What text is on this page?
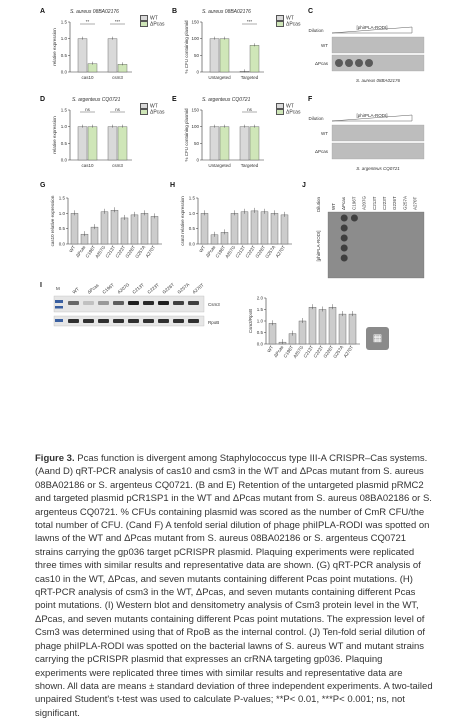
A	S. aureus 08BA02176
1.5
1.0
0.5
0.0
relative expression
cas10	csm3
**	***
WT
ΔPcas
B	S. aureus 08BA02176
150
100
50
0
% CFU containing plasmid
Untargeted Targeted
***
WT
ΔPcas
C
Dilution
[phiIPLA-RODI]
WT
ΔPcas
S. aureus 08BA02176
D	S. argenteus CQ0721
1.5
1.0
0.5
0.0
relative expression
cas10	csm3
ns	ns
WT
ΔPcas
E	S. argenteus CQ0721
150
100
50
0
% CFU containing plasmid
Untargeted Targeted
ns
WT
ΔPcas
F
Dilution
[phiIPLA-RODI]
WT
ΔPcas
S. argenteus CQ0721
G
1.5
1.0
0.5
0.0
cas10 relative expression
WT
ΔPcas
C196T
A207G
C213T
C223T
G226T
G257A
A270T
H
1.5
1.0
0.5
0.0
csm3 relative expression
WT
ΔPcas
C196T
A207G
C213T
C223T
G226T
G257A
A270T
J
Dilution
[phiIPLA-RODI]
WT ΔPcas C196T A207G C213T C223T G226T G257A A270T
I	M	WT ΔPcas C196T A207G C213T C223T G226T G257A A270T
Csm3
RpoB
2.0
1.5
1.0
0.5
0.0
Csm3/RpoB
WT
ΔPcas
C196T
A207G
C213T
C223T
G226T
G257A
A270T
▦
Figure 3. Pcas function is divergent among Staphylococcus type III-A CRISPR–Cas systems. (Aand D) qRT-PCR analysis of cas10 and csm3 in the WT and ΔPcas mutant from S. aureus 08BA02186 or S. argenteus CQ0721. (B and E) Retention of the untargeted plasmid pRMC2 and targeted plasmid pCR1SP1 in the WT and ΔPcas mutant from S. aureus 08BA02186 or S. argenteus CQ0721. % CFUs containing plasmid was scored as the number of CmR CFU/the total number of CFU. (Cand F) A tenfold serial dilution of phage phiIPLA-RODI was spotted on lawns of the WT and ΔPcas mutant from S. aureus 08BA02186 or S. argenteus CQ0721 strains carrying the gp036 target pCRISPR plasmid. Plaquing experiments were replicated three times with similar results and representative data are shown. (G) qRT-PCR analysis of cas10 in the WT, ΔPcas, and seven mutants containing different Pcas point mutations. (H) qRT-PCR analysis of csm3 in the WT, ΔPcas, and seven mutants containing different Pcas point mutations. (I) Western blot and densitometry analysis of Csm3 protein level in the WT, ΔPcas, and seven mutants containing different Pcas point mutations. The expression level of Csm3 was determined using that of RpoB as the internal control. (J) Ten-fold serial dilution of phage phiIPLA-RODI was spotted on the bacterial lawns of S. aureus WT and mutant strains carrying the pCRISPR plasmid that expresses an crRNA targeting gp036. Plaquing experiments were replicated three times with similar results and representative data are shown. All data are means ± standard deviation of three independent experiments. A two-tailed unpaired Student's t-test was used to calculate P-values; **P< 0.01, ***P< 0.001; ns, not significant.
